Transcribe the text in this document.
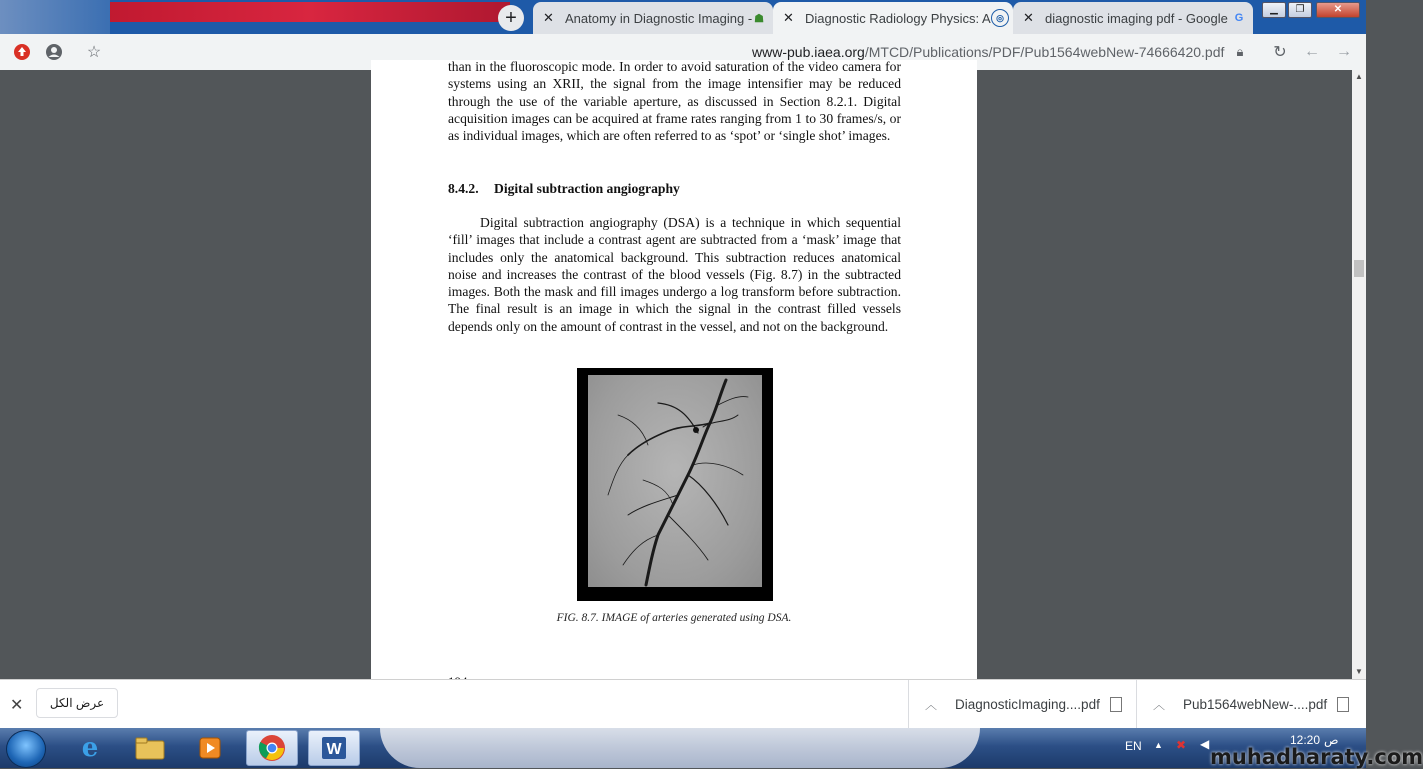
+	✕ Anatomy in Diagnostic Imaging - ☗ ✕ Diagnostic Radiology Physics: A ◎	✕ diagnostic imaging pdf - Google G
▁	❐	✕
☆	www-pub.iaea.org/MTCD/Publications/PDF/Pub1564webNew-74666420.pdf 🔒︎	↻ ← →
than in the fluoroscopic mode. In order to avoid saturation of the video camera for systems using an XRII, the signal from the image intensifier may be reduced through the use of the variable aperture, as discussed in Section 8.2.1. Digital acquisition images can be acquired at frame rates ranging from 1 to 30 frames/s, or as individual images, which are often referred to as ‘spot’ or ‘single shot’ images.
8.4.2. Digital subtraction angiography
Digital subtraction angiography (DSA) is a technique in which sequential ‘fill’ images that include a contrast agent are subtracted from a ‘mask’ image that includes only the anatomical background. This subtraction reduces anatomical noise and increases the contrast of the blood vessels (Fig. 8.7) in the subtracted images. Both the mask and fill images undergo a log transform before subtraction. The final result is an image in which the signal in the contrast filled vessels depends only on the amount of contrast in the vessel, and not on the background.
FIG. 8.7. IMAGE of arteries generated using DSA.
▲
▼
✕	عرض الكل	︿ DiagnosticImaging....pdf	︿ Pub1564webNew-....pdf
e	W	EN ▲ ✖ ◀	12:20 ص
muhadharaty.com
